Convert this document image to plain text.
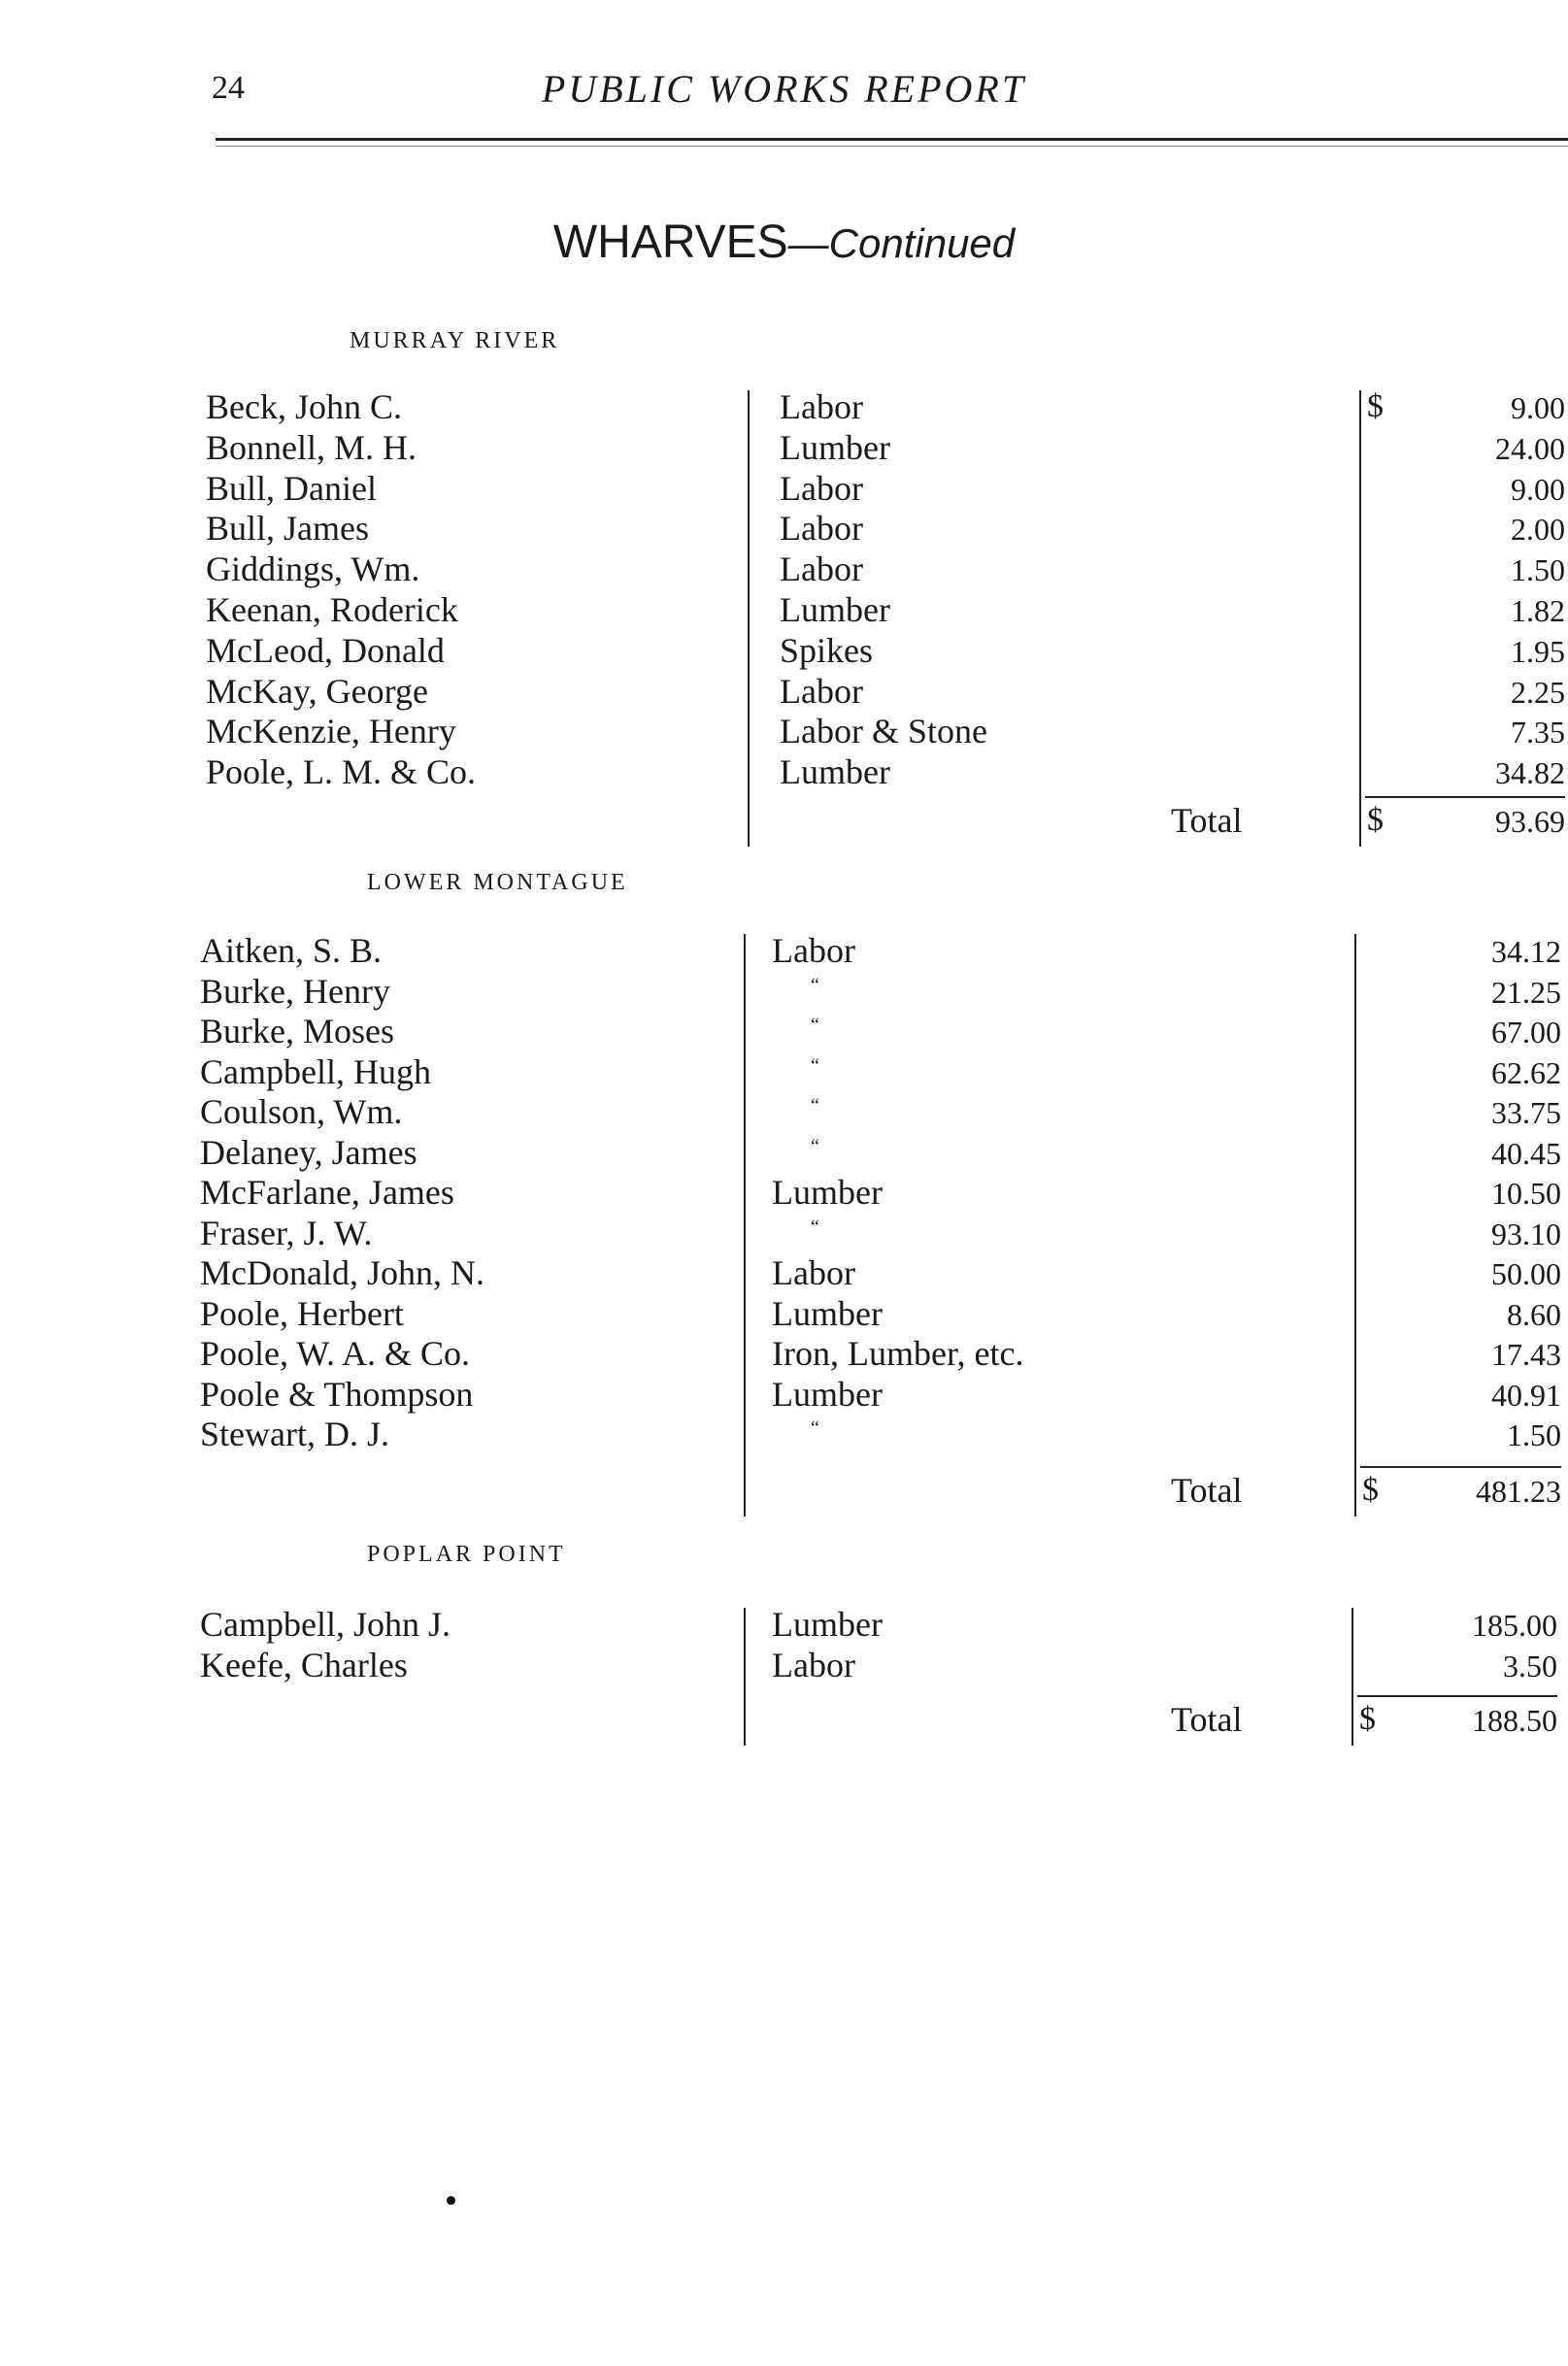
24	PUBLIC WORKS REPORT
WHARVES—Continued
MURRAY RIVER
Beck, John C.	Labor	9.00
Bonnell, M. H.	Lumber	24.00
Bull, Daniel	Labor	9.00
Bull, James	Labor	2.00
Giddings, Wm.	Labor	1.50
Keenan, Roderick	Lumber	1.82
McLeod, Donald	Spikes	1.95
McKay, George	Labor	2.25
McKenzie, Henry	Labor & Stone	7.35
Poole, L. M. & Co.	Lumber	34.82
Total	$	93.69
$
LOWER MONTAGUE
Aitken, S. B.	Labor	34.12
Burke, Henry	“	21.25
Burke, Moses	“	67.00
Campbell, Hugh	“	62.62
Coulson, Wm.	“	33.75
Delaney, James	“	40.45
McFarlane, James	Lumber	10.50
Fraser, J. W.	“	93.10
McDonald, John, N.	Labor	50.00
Poole, Herbert	Lumber	8.60
Poole, W. A. & Co.	Iron, Lumber, etc.	17.43
Poole & Thompson	Lumber	40.91
Stewart, D. J.	“	1.50
Total	$	481.23
POPLAR POINT
Campbell, John J.	Lumber	185.00
Keefe, Charles	Labor	3.50
Total	$	188.50
